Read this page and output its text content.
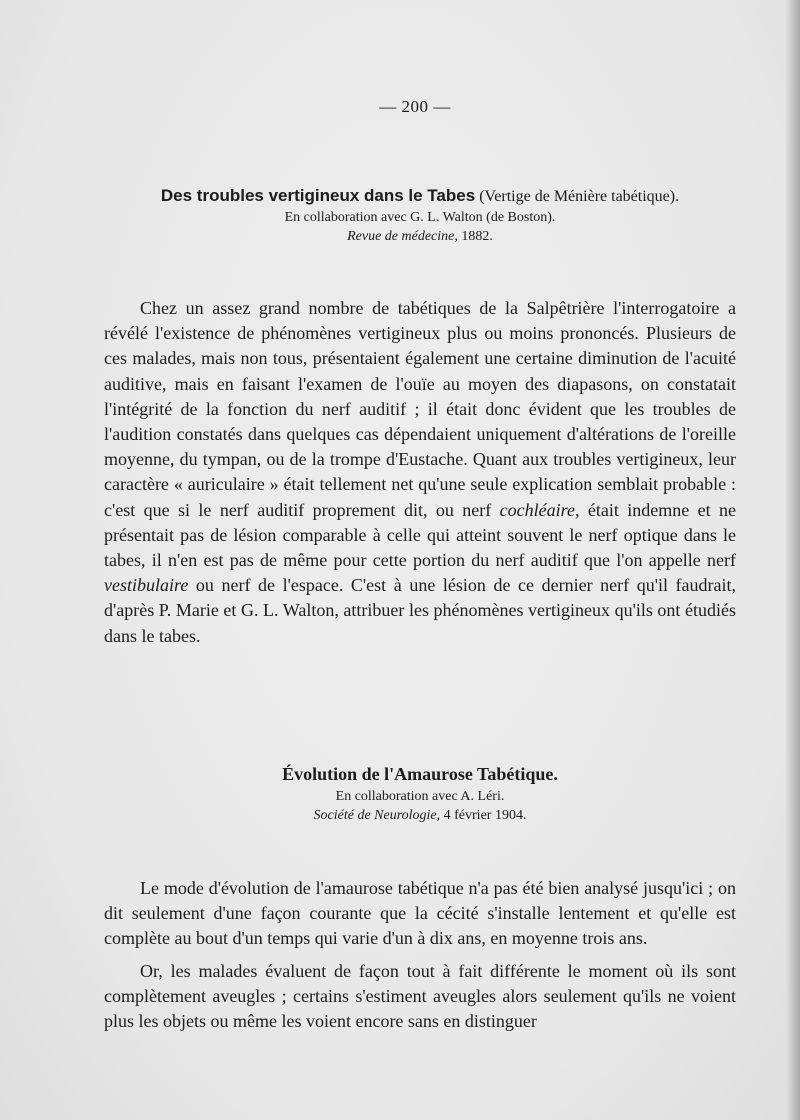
— 200 —

Des troubles vertigineux dans le Tabes (Vertige de Ménière tabétique).

En collaboration avec G. L. Walton (de Boston).

Revue de médecine, 1882.

Chez un assez grand nombre de tabétiques de la Salpêtrière l'interrogatoire a révélé l'existence de phénomènes vertigineux plus ou moins prononcés. Plusieurs de ces malades, mais non tous, présentaient également une certaine diminution de l'acuité auditive, mais en faisant l'examen de l'ouïe au moyen des diapasons, on constatait l'intégrité de la fonction du nerf auditif ; il était donc évident que les troubles de l'audition constatés dans quelques cas dépendaient uniquement d'altérations de l'oreille moyenne, du tympan, ou de la trompe d'Eustache. Quant aux troubles vertigineux, leur caractère « auriculaire » était tellement net qu'une seule explication semblait probable : c'est que si le nerf auditif proprement dit, ou nerf cochléaire, était indemne et ne présentait pas de lésion comparable à celle qui atteint souvent le nerf optique dans le tabes, il n'en est pas de même pour cette portion du nerf auditif que l'on appelle nerf vestibulaire ou nerf de l'espace. C'est à une lésion de ce dernier nerf qu'il faudrait, d'après P. Marie et G. L. Walton, attribuer les phénomènes vertigineux qu'ils ont étudiés dans le tabes.

Évolution de l'Amaurose Tabétique.

En collaboration avec A. Léri.

Société de Neurologie, 4 février 1904.

Le mode d'évolution de l'amaurose tabétique n'a pas été bien analysé jusqu'ici ; on dit seulement d'une façon courante que la cécité s'installe lentement et qu'elle est complète au bout d'un temps qui varie d'un à dix ans, en moyenne trois ans.

Or, les malades évaluent de façon tout à fait différente le moment où ils sont complètement aveugles ; certains s'estiment aveugles alors seulement qu'ils ne voient plus les objets ou même les voient encore sans en distinguer
